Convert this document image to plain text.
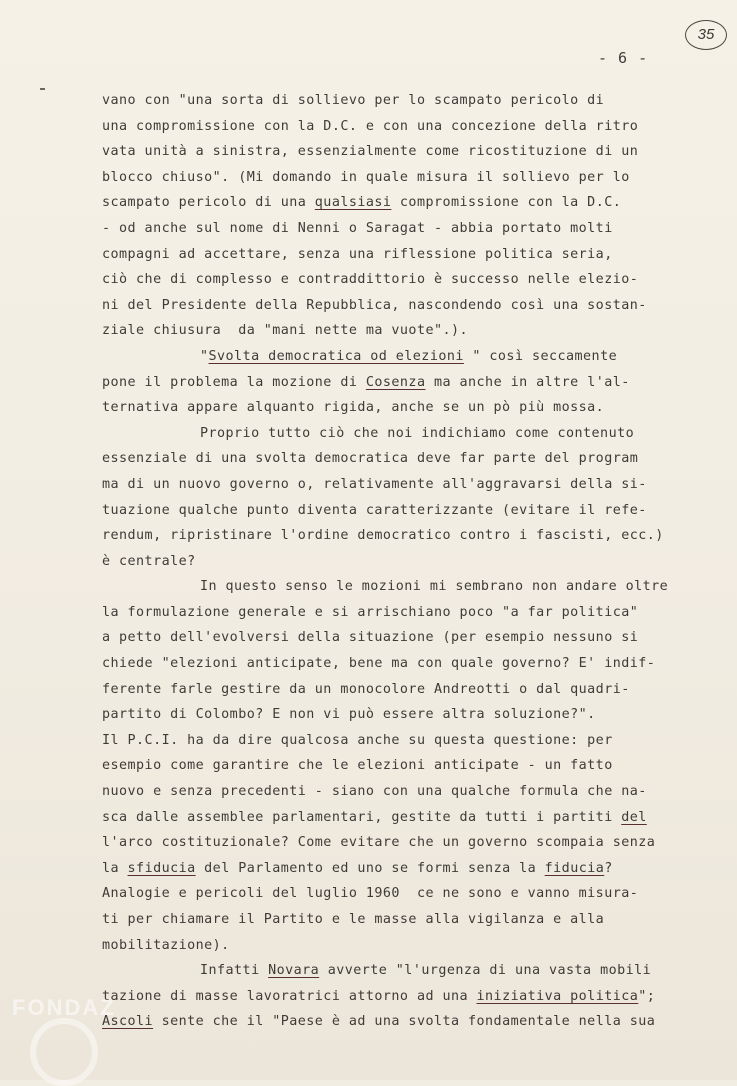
35
- 6 -
vano con "una sorta di sollievo per lo scampato pericolo di
una compromissione con la D.C. e con una concezione della ritro
vata unità a sinistra, essenzialmente come ricostituzione di un
blocco chiuso". (Mi domando in quale misura il sollievo per lo
scampato pericolo di una qualsiasi compromissione con la D.C.
- od anche sul nome di Nenni o Saragat - abbia portato molti
compagni ad accettare, senza una riflessione politica seria,
ciò che di complesso e contraddittorio è successo nelle elezio-
ni del Presidente della Repubblica, nascondendo così una sostan-
ziale chiusura  da "mani nette ma vuote".).
"Svolta democratica od elezioni " così seccamente
pone il problema la mozione di Cosenza ma anche in altre l'al-
ternativa appare alquanto rigida, anche se un pò più mossa.
Proprio tutto ciò che noi indichiamo come contenuto
essenziale di una svolta democratica deve far parte del program
ma di un nuovo governo o, relativamente all'aggravarsi della si-
tuazione qualche punto diventa caratterizzante (evitare il refe-
rendum, ripristinare l'ordine democratico contro i fascisti, ecc.)
è centrale?
In questo senso le mozioni mi sembrano non andare oltre
la formulazione generale e si arrischiano poco "a far politica"
a petto dell'evolversi della situazione (per esempio nessuno si
chiede "elezioni anticipate, bene ma con quale governo? E' indif-
ferente farle gestire da un monocolore Andreotti o dal quadri-
partito di Colombo? E non vi può essere altra soluzione?".
Il P.C.I. ha da dire qualcosa anche su questa questione: per
esempio come garantire che le elezioni anticipate - un fatto
nuovo e senza precedenti - siano con una qualche formula che na-
sca dalle assemblee parlamentari, gestite da tutti i partiti del
l'arco costituzionale? Come evitare che un governo scompaia senza
la sfiducia del Parlamento ed uno se formi senza la fiducia?
Analogie e pericoli del luglio 1960  ce ne sono e vanno misura-
ti per chiamare il Partito e le masse alla vigilanza e alla
mobilitazione).
Infatti Novara avverte "l'urgenza di una vasta mobili
tazione di masse lavoratrici attorno ad una iniziativa politica";
Ascoli sente che il "Paese è ad una svolta fondamentale nella sua
FONDAZ
